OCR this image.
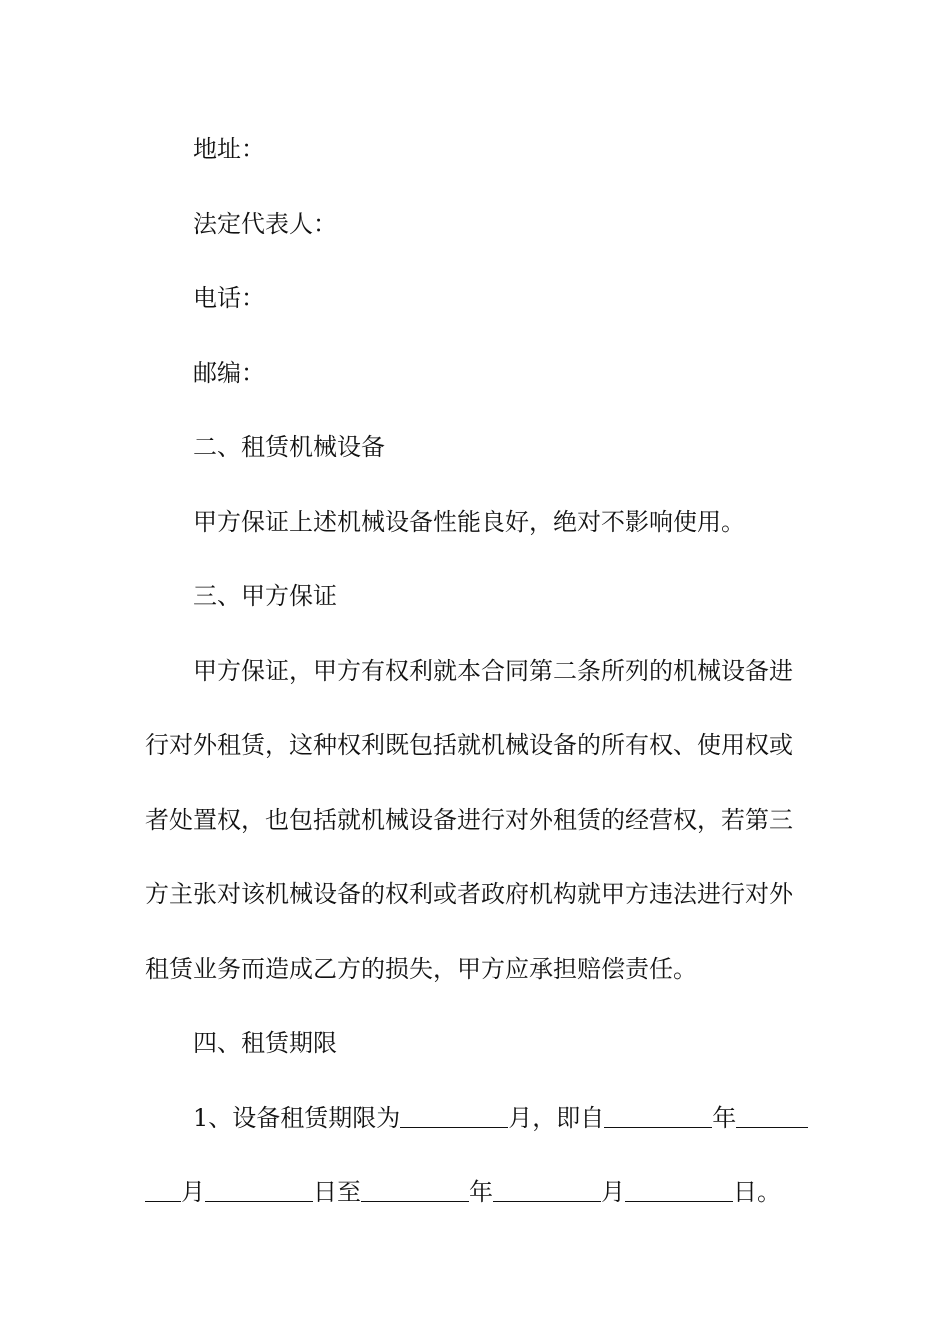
地址：

法定代表人：

电话：

邮编：

二、租赁机械设备

甲方保证上述机械设备性能良好，绝对不影响使用。

三、甲方保证

甲方保证，甲方有权利就本合同第二条所列的机械设备进

行对外租赁，这种权利既包括就机械设备的所有权、使用权或

者处置权，也包括就机械设备进行对外租赁的经营权，若第三

方主张对该机械设备的权利或者政府机构就甲方违法进行对外

租赁业务而造成乙方的损失，甲方应承担赔偿责任。

四、租赁期限

1、设备租赁期限为	月，即自	年

月	日至	年	月	日。
